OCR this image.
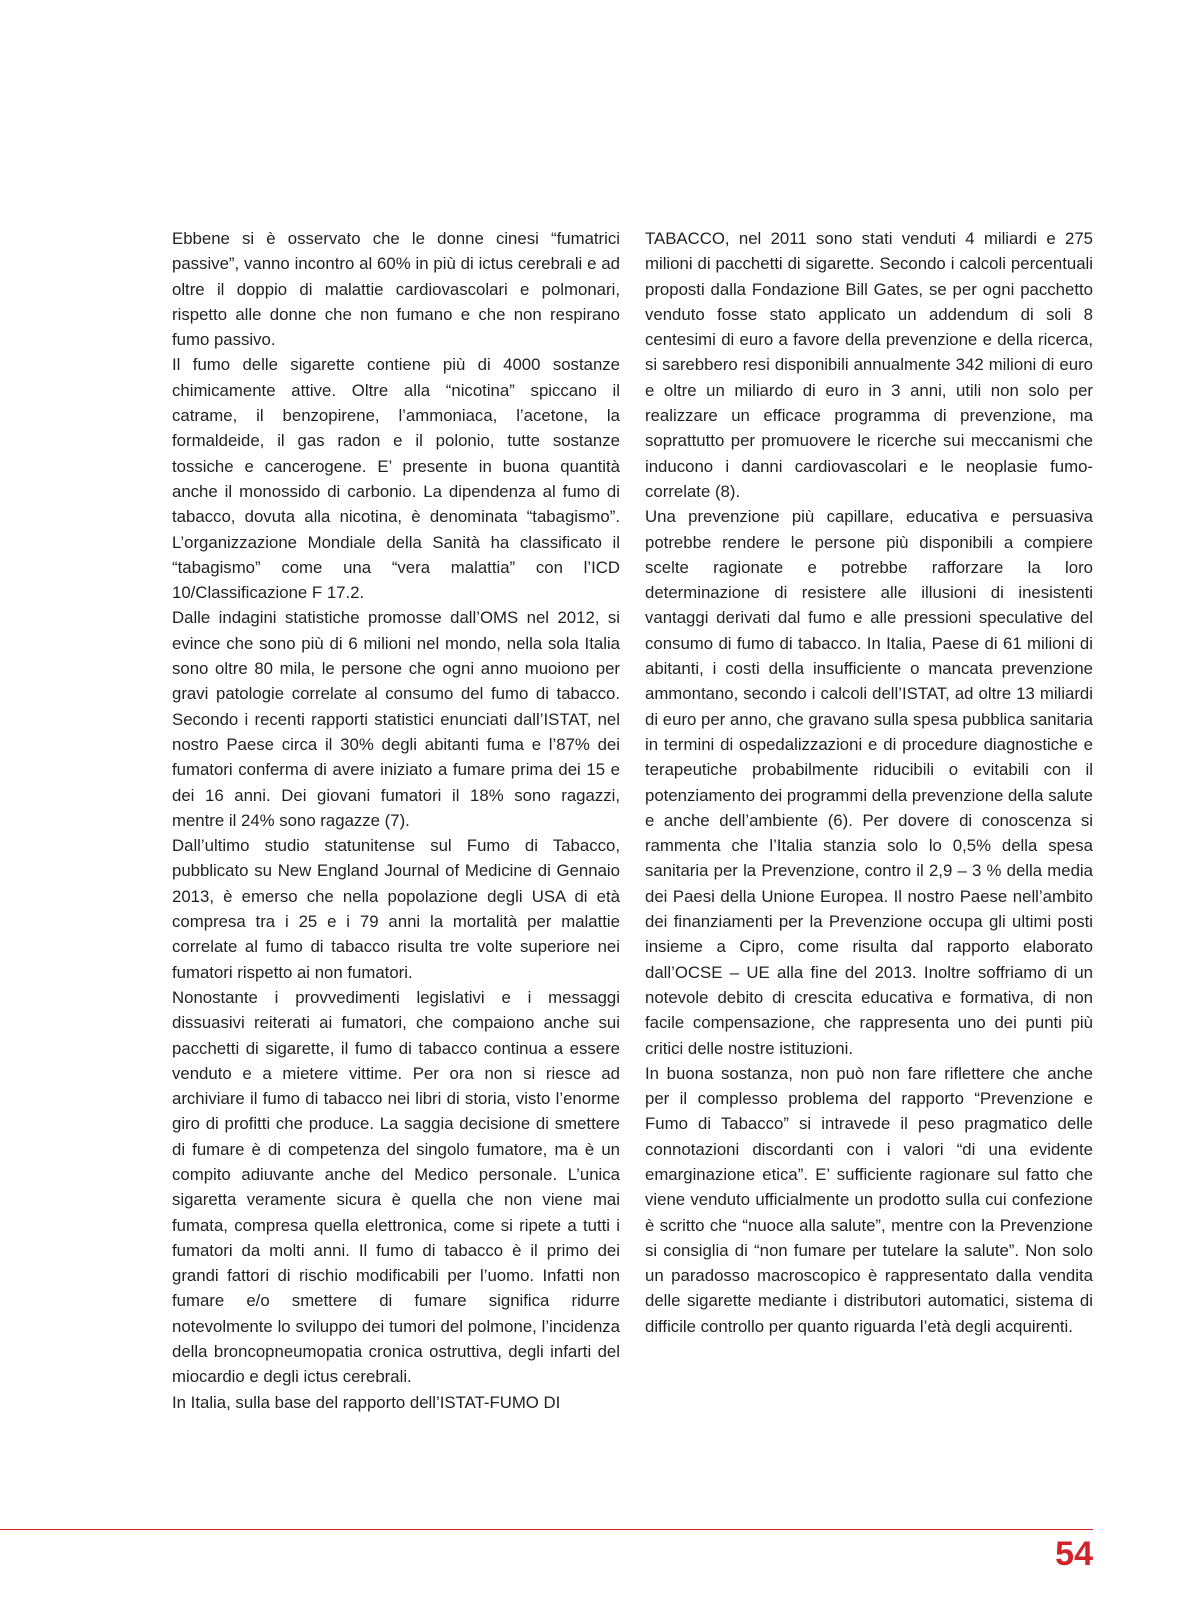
Ebbene si è osservato che le donne cinesi “fumatrici passive”, vanno incontro al 60% in più di ictus cerebrali e ad oltre il doppio di malattie cardiovascolari e polmonari, rispetto alle donne che non fumano e che non respirano fumo passivo.

Il fumo delle sigarette contiene più di 4000 sostanze chimicamente attive. Oltre alla “nicotina” spiccano il catrame, il benzopirene, l’ammoniaca, l’acetone, la formaldeide, il gas radon e il polonio, tutte sostanze tossiche e cancerogene. E’ presente in buona quantità anche il monossido di carbonio. La dipendenza al fumo di tabacco, dovuta alla nicotina, è denominata “tabagismo”. L’organizzazione Mondiale della Sanità ha classificato il “tabagismo” come una “vera malattia” con l’ICD 10/Classificazione F 17.2.

Dalle indagini statistiche promosse dall’OMS nel 2012, si evince che sono più di 6 milioni nel mondo, nella sola Italia sono oltre 80 mila, le persone che ogni anno muoiono per gravi patologie correlate al consumo del fumo di tabacco. Secondo i recenti rapporti statistici enunciati dall’ISTAT, nel nostro Paese circa il 30% degli abitanti fuma e l’87% dei fumatori conferma di avere iniziato a fumare prima dei 15 e dei 16 anni. Dei giovani fumatori il 18% sono ragazzi, mentre il 24% sono ragazze (7).

Dall’ultimo studio statunitense sul Fumo di Tabacco, pubblicato su New England Journal of Medicine di Gennaio 2013, è emerso che nella popolazione degli USA di età compresa tra i 25 e i 79 anni la mortalità per malattie correlate al fumo di tabacco risulta tre volte superiore nei fumatori rispetto ai non fumatori.

Nonostante i provvedimenti legislativi e i messaggi dissuasivi reiterati ai fumatori, che compaiono anche sui pacchetti di sigarette, il fumo di tabacco continua a essere venduto e a mietere vittime. Per ora non si riesce ad archiviare il fumo di tabacco nei libri di storia, visto l’enorme giro di profitti che produce. La saggia decisione di smettere di fumare è di competenza del singolo fumatore, ma è un compito adiuvante anche del Medico personale. L’unica sigaretta veramente sicura è quella che non viene mai fumata, compresa quella elettronica, come si ripete a tutti i fumatori da molti anni. Il fumo di tabacco è il primo dei grandi fattori di rischio modificabili per l’uomo. Infatti non fumare e/o smettere di fumare significa ridurre notevolmente lo sviluppo dei tumori del polmone, l’incidenza della broncopneumopatia cronica ostruttiva, degli infarti del miocardio e degli ictus cerebrali.

In Italia, sulla base del rapporto dell’ISTAT-FUMO DI

TABACCO, nel 2011 sono stati venduti 4 miliardi e 275 milioni di pacchetti di sigarette. Secondo i calcoli percentuali proposti dalla Fondazione Bill Gates, se per ogni pacchetto venduto fosse stato applicato un addendum di soli 8 centesimi di euro a favore della prevenzione e della ricerca, si sarebbero resi disponibili annualmente 342 milioni di euro e oltre un miliardo di euro in 3 anni, utili non solo per realizzare un efficace programma di prevenzione, ma soprattutto per promuovere le ricerche sui meccanismi che inducono i danni cardiovascolari e le neoplasie fumo-correlate (8).

Una prevenzione più capillare, educativa e persuasiva potrebbe rendere le persone più disponibili a compiere scelte ragionate e potrebbe rafforzare la loro determinazione di resistere alle illusioni di inesistenti vantaggi derivati dal fumo e alle pressioni speculative del consumo di fumo di tabacco. In Italia, Paese di 61 milioni di abitanti, i costi della insufficiente o mancata prevenzione ammontano, secondo i calcoli dell’ISTAT, ad oltre 13 miliardi di euro per anno, che gravano sulla spesa pubblica sanitaria in termini di ospedalizzazioni e di procedure diagnostiche e terapeutiche probabilmente riducibili o evitabili con il potenziamento dei programmi della prevenzione della salute e anche dell’ambiente (6). Per dovere di conoscenza si rammenta che l’Italia stanzia solo lo 0,5% della spesa sanitaria per la Prevenzione, contro il 2,9 – 3 % della media dei Paesi della Unione Europea. Il nostro Paese nell’ambito dei finanziamenti per la Prevenzione occupa gli ultimi posti insieme a Cipro, come risulta dal rapporto elaborato dall’OCSE – UE alla fine del 2013. Inoltre soffriamo di un notevole debito di crescita educativa e formativa, di non facile compensazione, che rappresenta uno dei punti più critici delle nostre istituzioni.

In buona sostanza, non può non fare riflettere che anche per il complesso problema del rapporto “Prevenzione e Fumo di Tabacco” si intravede il peso pragmatico delle connotazioni discordanti con i valori “di una evidente emarginazione etica”. E’ sufficiente ragionare sul fatto che viene venduto ufficialmente un prodotto sulla cui confezione è scritto che “nuoce alla salute”, mentre con la Prevenzione si consiglia di “non fumare per tutelare la salute”. Non solo un paradosso macroscopico è rappresentato dalla vendita delle sigarette mediante i distributori automatici, sistema di difficile controllo per quanto riguarda l’età degli acquirenti.

54
